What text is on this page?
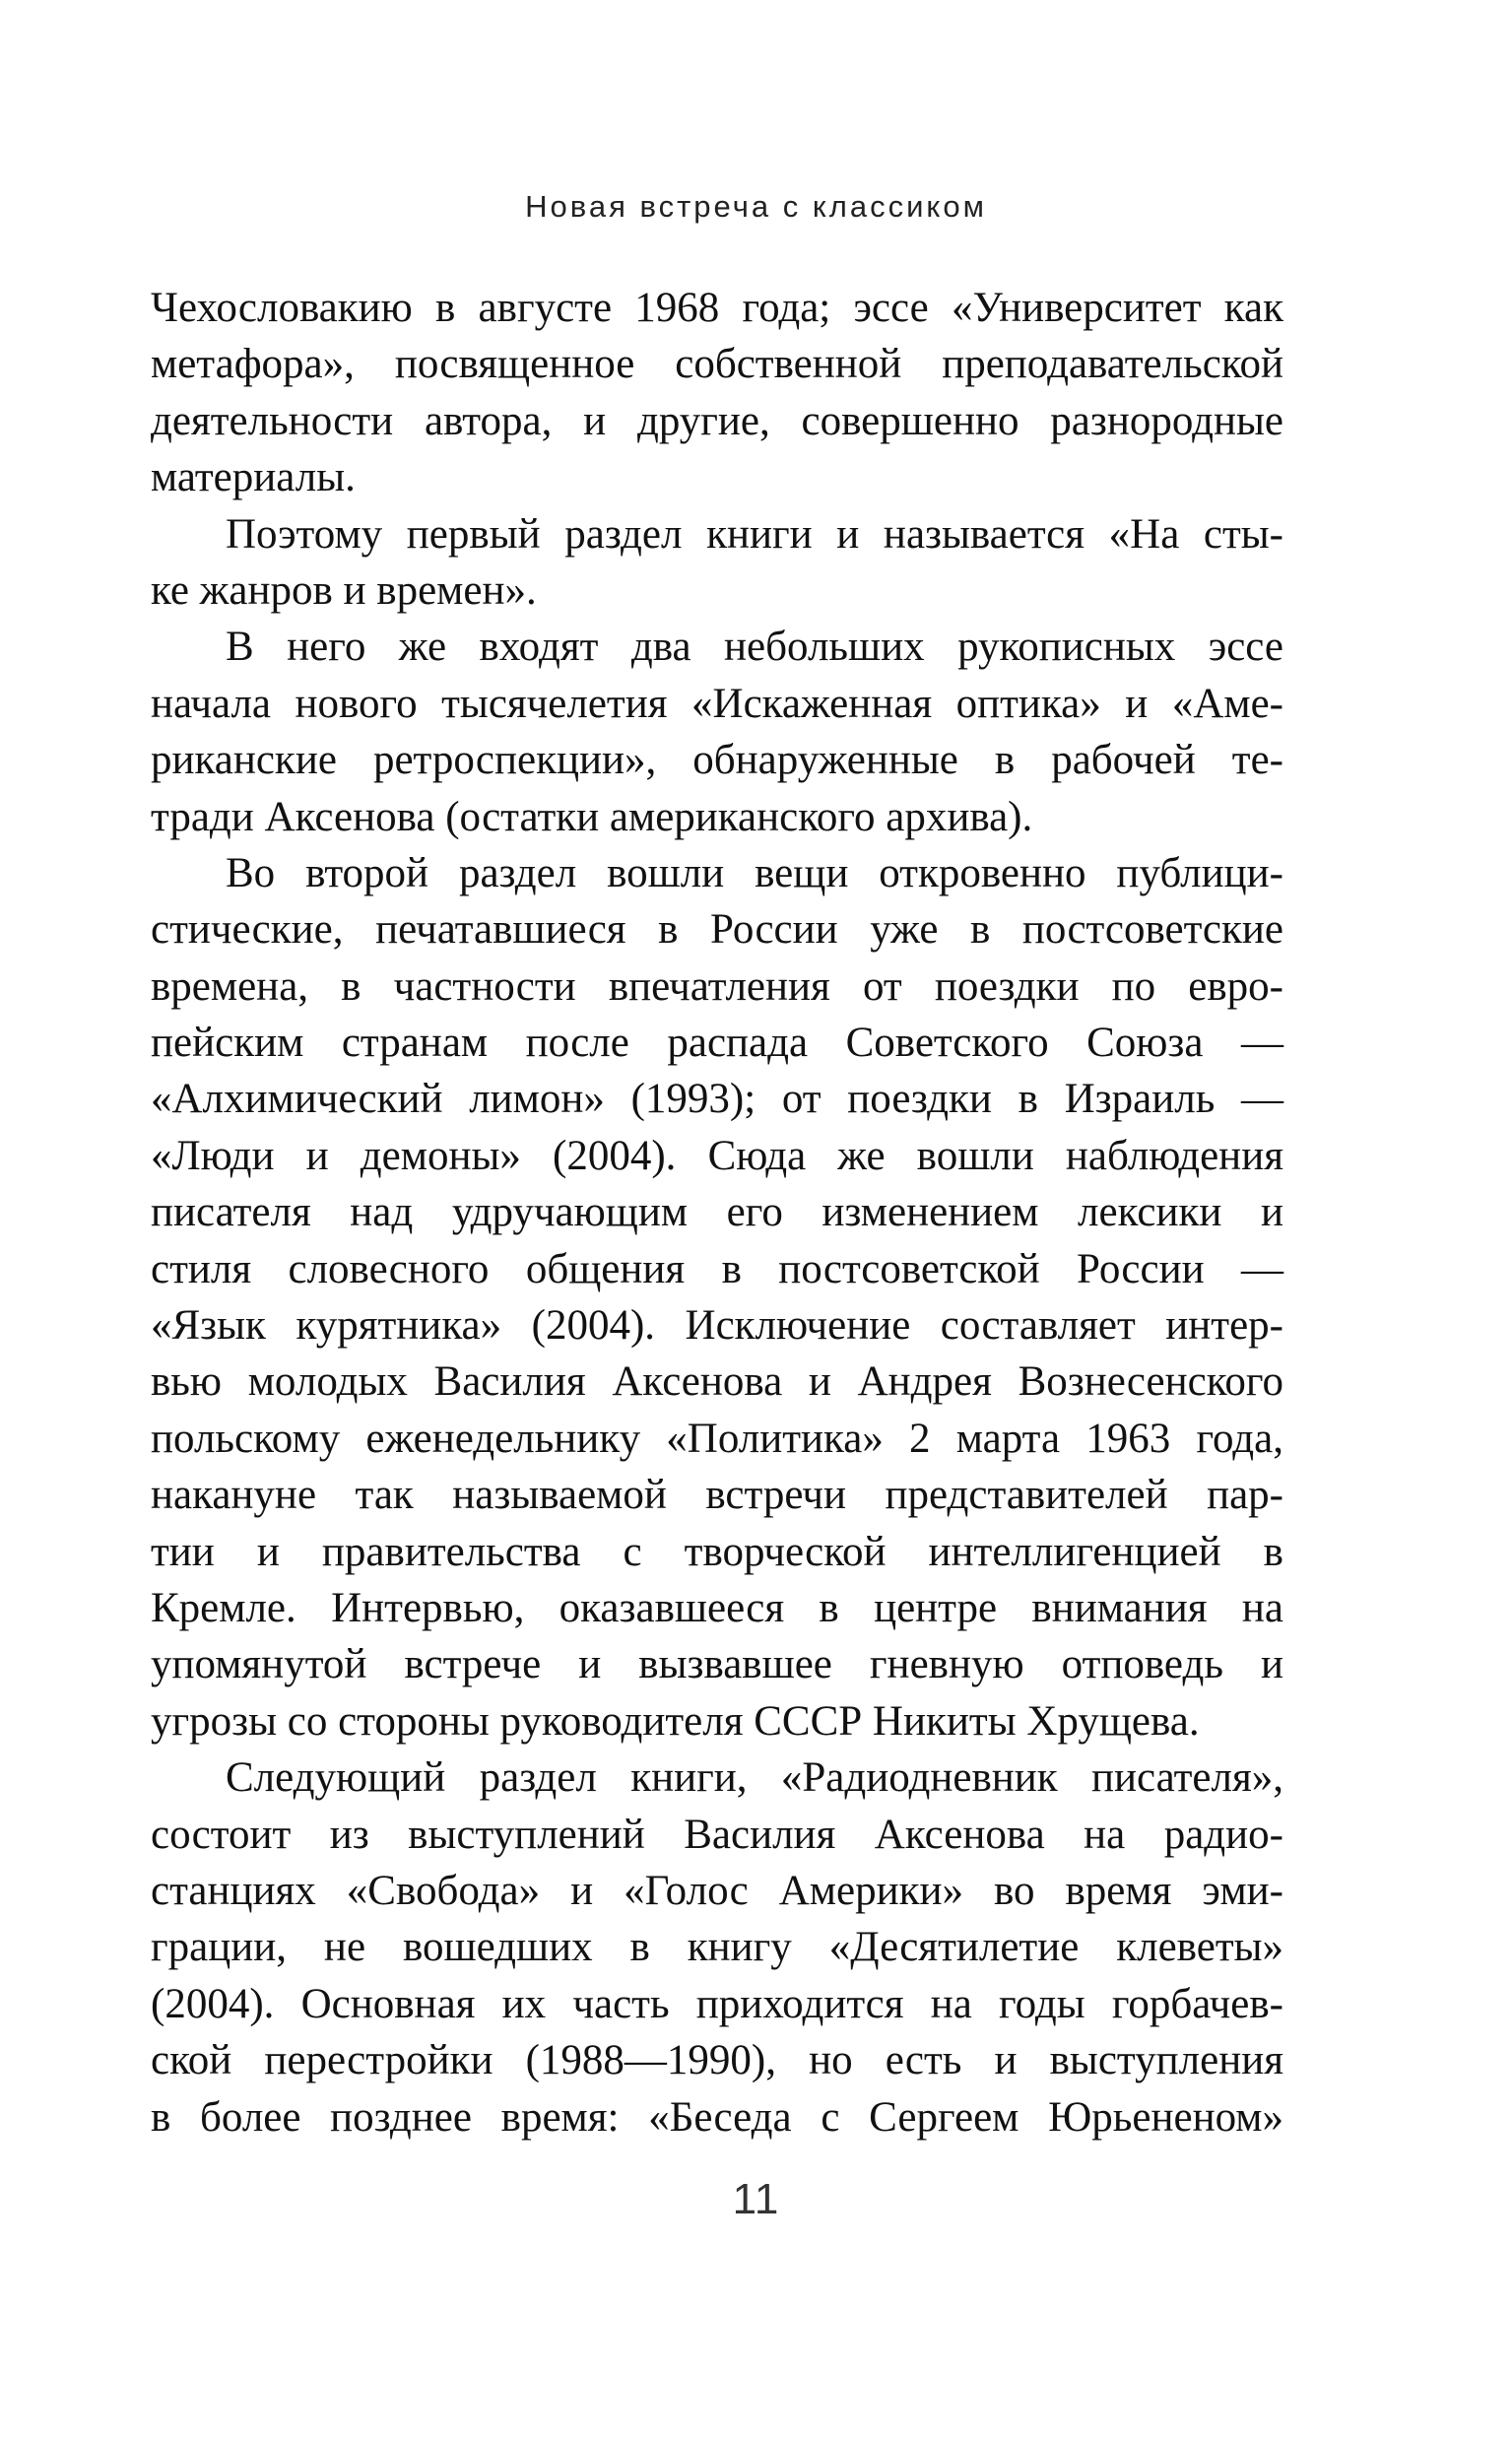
Новая встреча с классиком

Чехословакию в августе 1968 года; эссе «Университет как
метафора», посвященное собственной преподавательской
деятельности автора, и другие, совершенно разнородные
материалы.

Поэтому первый раздел книги и называется «На сты-
ке жанров и времен».

В него же входят два небольших рукописных эссе
начала нового тысячелетия «Искаженная оптика» и «Аме-
риканские ретроспекции», обнаруженные в рабочей те-
тради Аксенова (остатки американского архива).

Во второй раздел вошли вещи откровенно публици-
стические, печатавшиеся в России уже в постсоветские
времена, в частности впечатления от поездки по евро-
пейским странам после распада Советского Союза —
«Алхимический лимон» (1993); от поездки в Израиль —
«Люди и демоны» (2004). Сюда же вошли наблюдения
писателя над удручающим его изменением лексики и
стиля словесного общения в постсоветской России —
«Язык курятника» (2004). Исключение составляет интер-
вью молодых Василия Аксенова и Андрея Вознесенского
польскому еженедельнику «Политика» 2 марта 1963 года,
накануне так называемой встречи представителей пар-
тии и правительства с творческой интеллигенцией в
Кремле. Интервью, оказавшееся в центре внимания на
упомянутой встрече и вызвавшее гневную отповедь и
угрозы со стороны руководителя СССР Никиты Хрущева.

Следующий раздел книги, «Радиодневник писателя»,
состоит из выступлений Василия Аксенова на радио-
станциях «Свобода» и «Голос Америки» во время эми-
грации, не вошедших в книгу «Десятилетие клеветы»
(2004). Основная их часть приходится на годы горбачев-
ской перестройки (1988—1990), но есть и выступления
в более позднее время: «Беседа с Сергеем Юрьененом»

11
